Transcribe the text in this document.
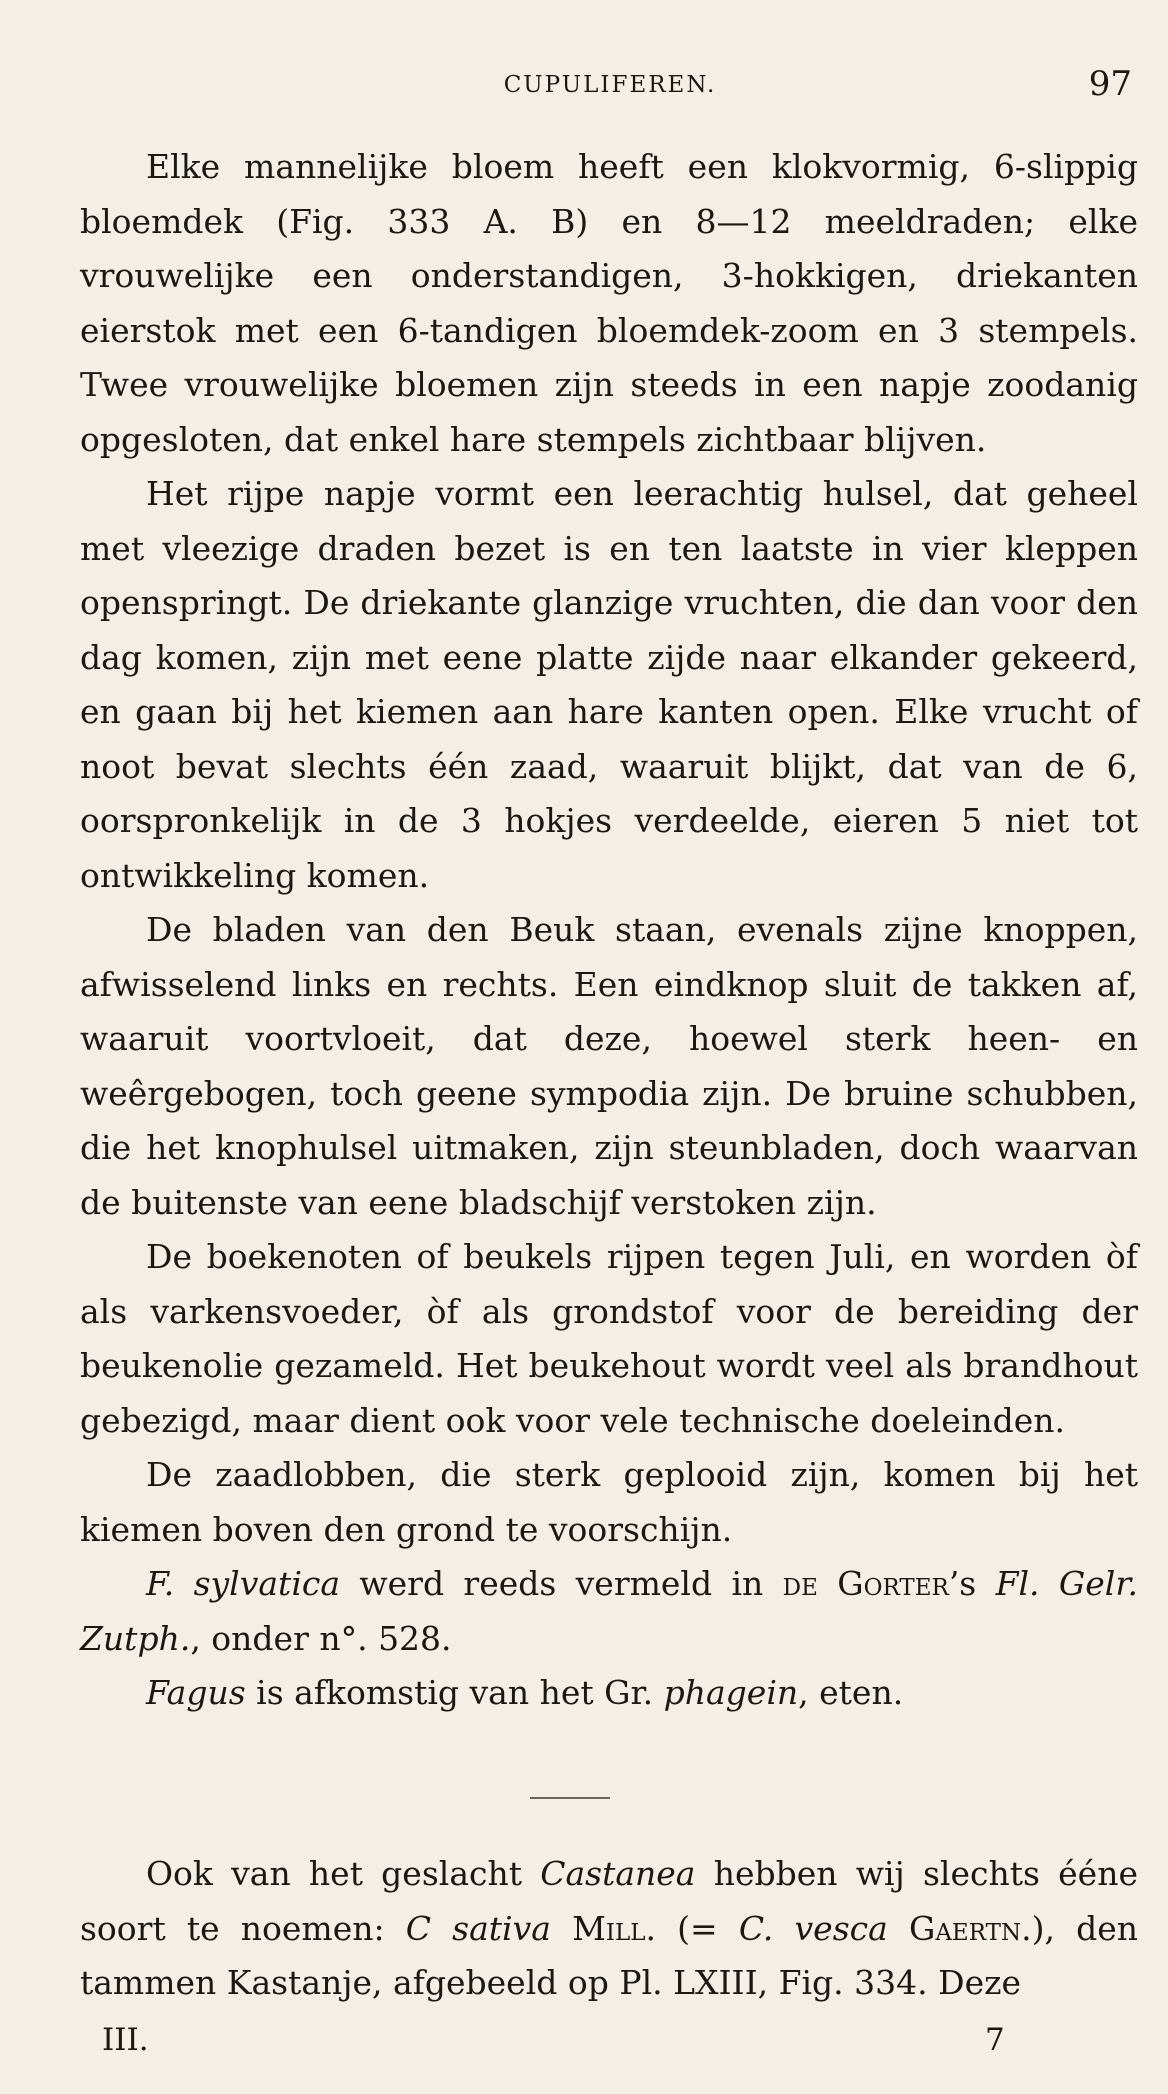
CUPULIFEREN.	97

Elke mannelijke bloem heeft een klokvormig, 6-slippig bloemdek (Fig. 333 A. B) en 8—12 meeldraden; elke vrouwelijke een onderstandigen, 3-hokkigen, driekanten eierstok met een 6-tandigen bloemdek-zoom en 3 stempels. Twee vrouwelijke bloemen zijn steeds in een napje zoodanig opgesloten, dat enkel hare stempels zichtbaar blijven.

Het rijpe napje vormt een leerachtig hulsel, dat geheel met vleezige draden bezet is en ten laatste in vier kleppen openspringt. De driekante glanzige vruchten, die dan voor den dag komen, zijn met eene platte zijde naar elkander gekeerd, en gaan bij het kiemen aan hare kanten open. Elke vrucht of noot bevat slechts één zaad, waaruit blijkt, dat van de 6, oorspronkelijk in de 3 hokjes verdeelde, eieren 5 niet tot ontwikkeling komen.

De bladen van den Beuk staan, evenals zijne knoppen, afwisselend links en rechts. Een eindknop sluit de takken af, waaruit voortvloeit, dat deze, hoewel sterk heen- en weêrgebogen, toch geene sympodia zijn. De bruine schubben, die het knophulsel uitmaken, zijn steunbladen, doch waarvan de buitenste van eene bladschijf verstoken zijn.

De boekenoten of beukels rijpen tegen Juli, en worden òf als varkensvoeder, òf als grondstof voor de bereiding der beukenolie gezameld. Het beukehout wordt veel als brandhout gebezigd, maar dient ook voor vele technische doeleinden.

De zaadlobben, die sterk geplooid zijn, komen bij het kiemen boven den grond te voorschijn.

F. sylvatica werd reeds vermeld in de Gorter’s Fl. Gelr. Zutph., onder n°. 528.

Fagus is afkomstig van het Gr. phagein, eten.

Ook van het geslacht Castanea hebben wij slechts ééne soort te noemen: C sativa Mill. (= C. vesca Gaertn.), den tammen Kastanje, afgebeeld op Pl. LXIII, Fig. 334. Deze

III.	7
